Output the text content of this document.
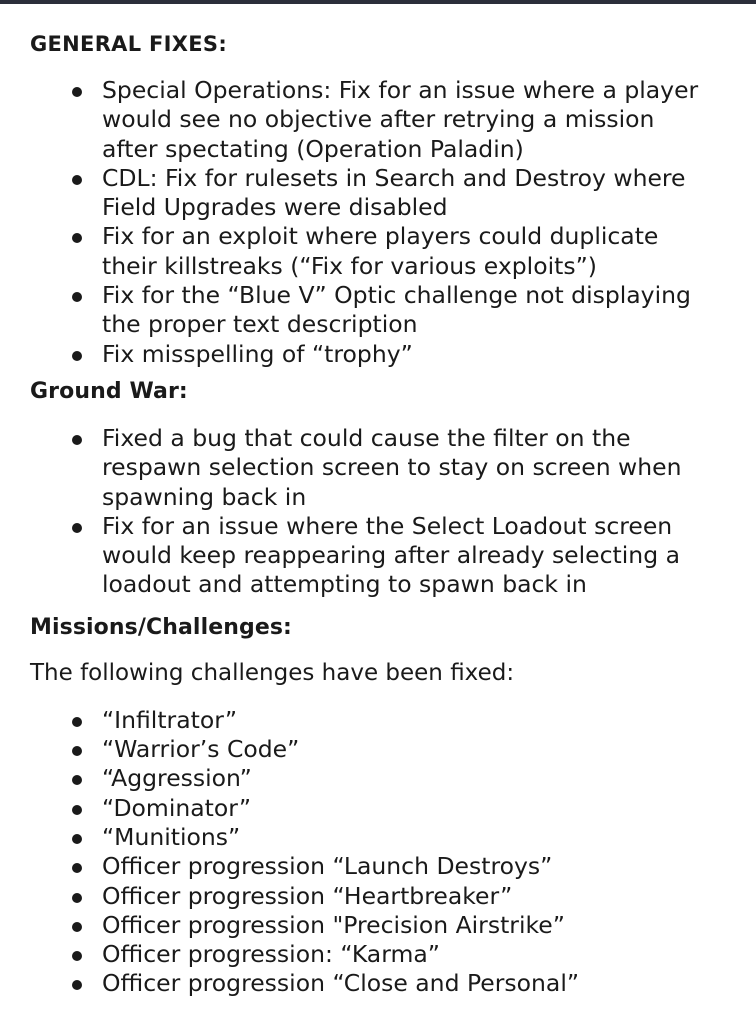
GENERAL FIXES:
Special Operations: Fix for an issue where a player
would see no objective after retrying a mission
after spectating (Operation Paladin)
CDL: Fix for rulesets in Search and Destroy where
Field Upgrades were disabled
Fix for an exploit where players could duplicate
their killstreaks (“Fix for various exploits”)
Fix for the “Blue V” Optic challenge not displaying
the proper text description
Fix misspelling of “trophy”
Ground War:
Fixed a bug that could cause the filter on the
respawn selection screen to stay on screen when
spawning back in
Fix for an issue where the Select Loadout screen
would keep reappearing after already selecting a
loadout and attempting to spawn back in
Missions/Challenges:

The following challenges have been fixed:

“Infiltrator”
“Warrior’s Code”
“Aggression”
“Dominator”
“Munitions”
Officer progression “Launch Destroys”
Officer progression “Heartbreaker”
Officer progression "Precision Airstrike”
Officer progression: “Karma”
Officer progression “Close and Personal”
